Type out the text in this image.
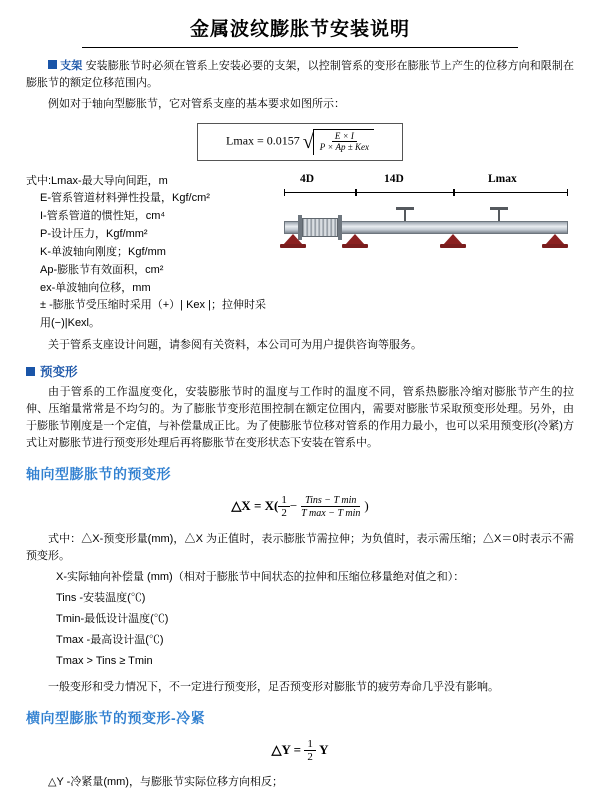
金属波纹膨胀节安装说明

支架 安装膨胀节时必须在管系上安装必要的支架，以控制管系的变形在膨胀节上产生的位移方向和限制在膨胀节的额定位移范围内。

例如对于轴向型膨胀节，它对管系支座的基本要求如图所示：

Lmax = 0.0157 √ $\frac{E \times I}{\text{P × Ap ± Kex}}$
式中:Lmax-最大导向间距，m
E-管系管道材料弹性投量，Kgf/cm²
I-管系管道的惯性矩，cm⁴
P-设计压力，Kgf/mm²
K-单波轴向刚度；Kgf/mm
Ap-膨胀节有效面积，cm²
ex-单波轴向位移，mm
± -膨胀节受压缩时采用（+）| Kex |；拉伸时采用(−)|Kexl。
4D	14D	Lmax

关于管系支座设计问题，请参阅有关资料，本公司可为用户提供咨询等服务。

预变形

由于管系的工作温度变化，安装膨胀节时的温度与工作时的温度不同，管系热膨胀冷缩对膨胀节产生的拉伸、压缩量常常是不均匀的。为了膨胀节变形范围控制在额定位围内，需要对膨胀节采取预变形处理。另外，由于膨胀节刚度是一个定值，与补偿量成正比。为了使膨胀节位移对管系的作用力最小，也可以采用预变形(冷紧)方式让对膨胀节进行预变形处理后再将膨胀节在变形状态下安装在管系中。

轴向型膨胀节的预变形
△X = $X(\frac{1}{2}-\frac{\text{Tins − T min}}{\text{T max − T min}})$

式中：△X-预变形量(mm)，△X 为正值时，表示膨胀节需拉伸；为负值时，表示需压缩；△X＝0时表示不需预变形。

X-实际轴向补偿量 (mm)（相对于膨胀节中间状态的拉伸和压缩位移量绝对值之和）：
Tins -安装温度(℃)
Tmin-最低设计温度(℃)
Tmax -最高设计温(℃)
Tmax > Tins ≥ Tmin

一般变形和受力情况下，不一定进行预变形，足否预变形对膨胀节的疲劳寿命几乎没有影响。

横向型膨胀节的预变形-冷紧
△Y = $\frac{1}{2}$ Y

△Y -冷紧量(mm)，与膨胀节实际位移方向相反；
